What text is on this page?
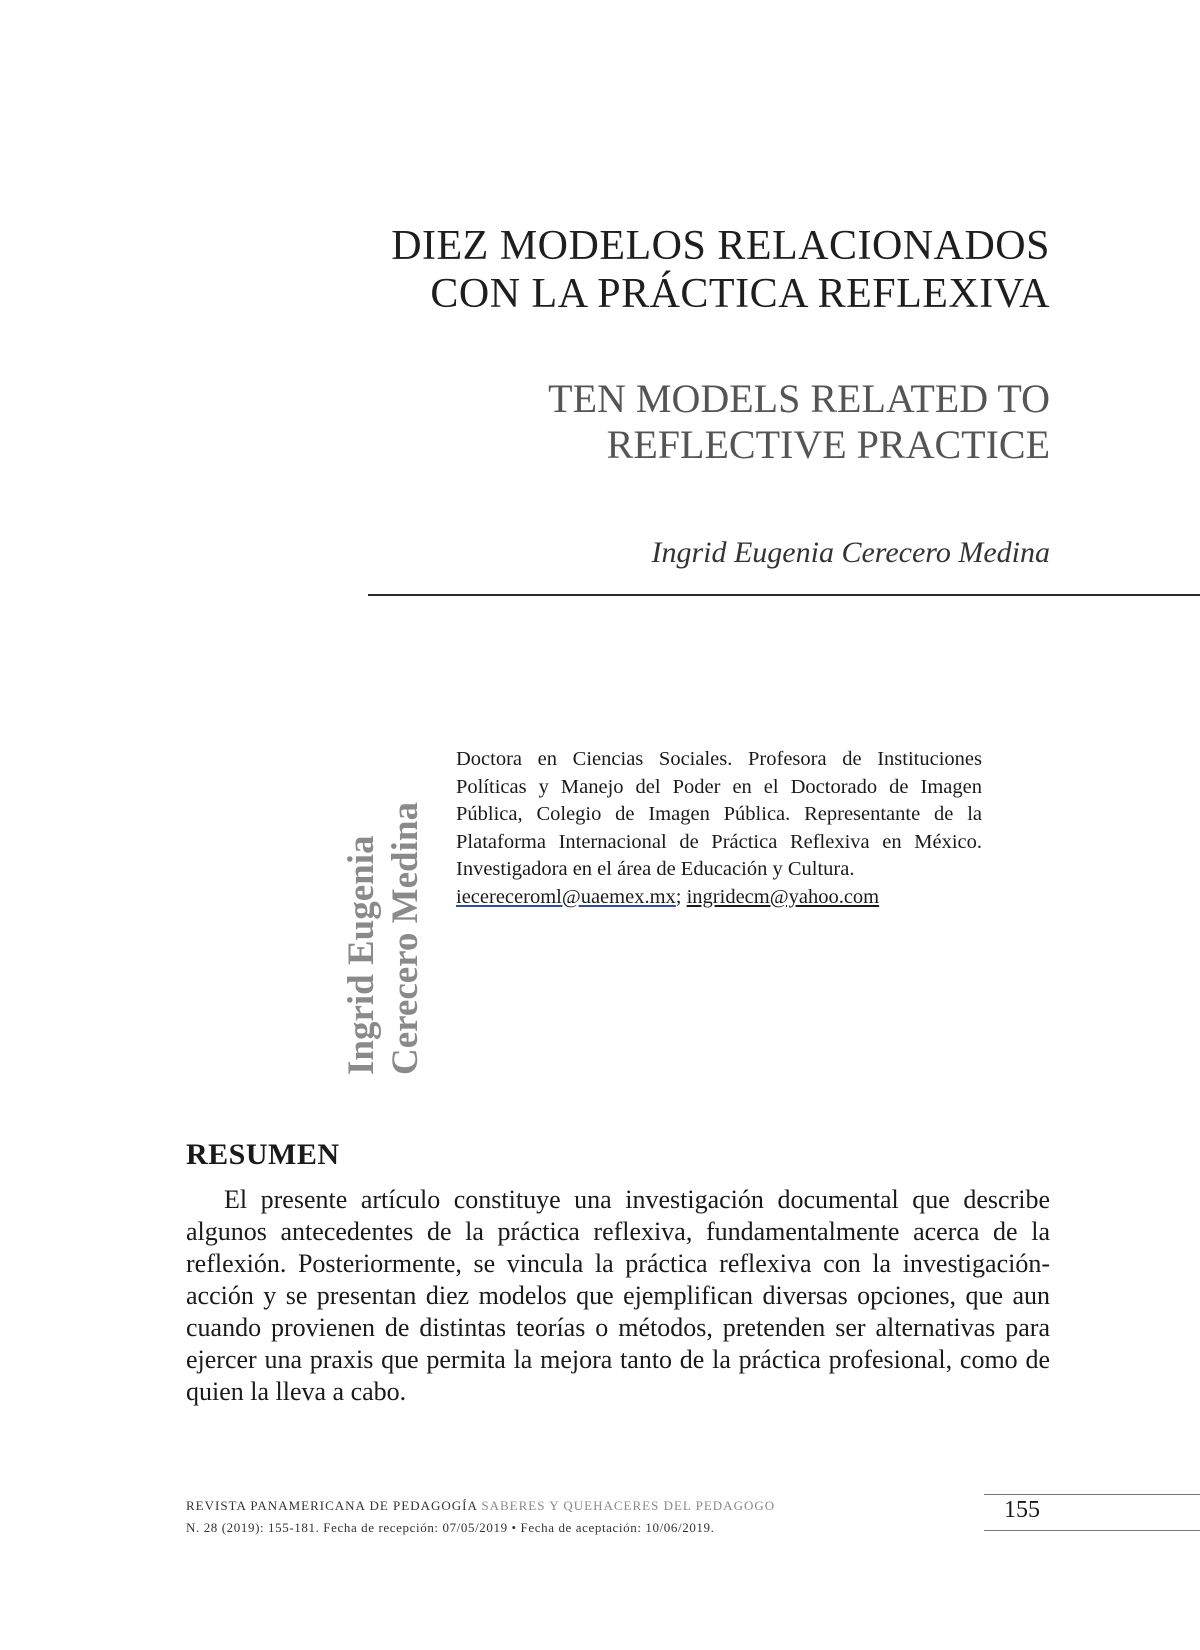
DIEZ MODELOS RELACIONADOS
CON LA PRÁCTICA REFLEXIVA
TEN MODELS RELATED TO
REFLECTIVE PRACTICE
Ingrid Eugenia Cerecero Medina
Ingrid Eugenia Cerecero Medina
Doctora en Ciencias Sociales. Profesora de Instituciones Políticas y Manejo del Poder en el Doctorado de Imagen Pública, Colegio de Imagen Pública. Representante de la Plataforma Internacional de Práctica Reflexiva en México. Investigadora en el área de Educación y Cultura.
iecereceroml@uaemex.mx; ingridecm@yahoo.com
RESUMEN

El presente artículo constituye una investigación documental que describe algunos antecedentes de la práctica reflexiva, fundamentalmente acerca de la reflexión. Posteriormente, se vincula la práctica reflexiva con la investigación-acción y se presentan diez modelos que ejemplifican diversas opciones, que aun cuando provienen de distintas teorías o métodos, pretenden ser alternativas para ejercer una praxis que permita la mejora tanto de la práctica profesional, como de quien la lleva a cabo.

REVISTA PANAMERICANA DE PEDAGOGÍA SABERES Y QUEHACERES DEL PEDAGOGO
N. 28 (2019): 155-181. Fecha de recepción: 07/05/2019 • Fecha de aceptación: 10/06/2019.
155
